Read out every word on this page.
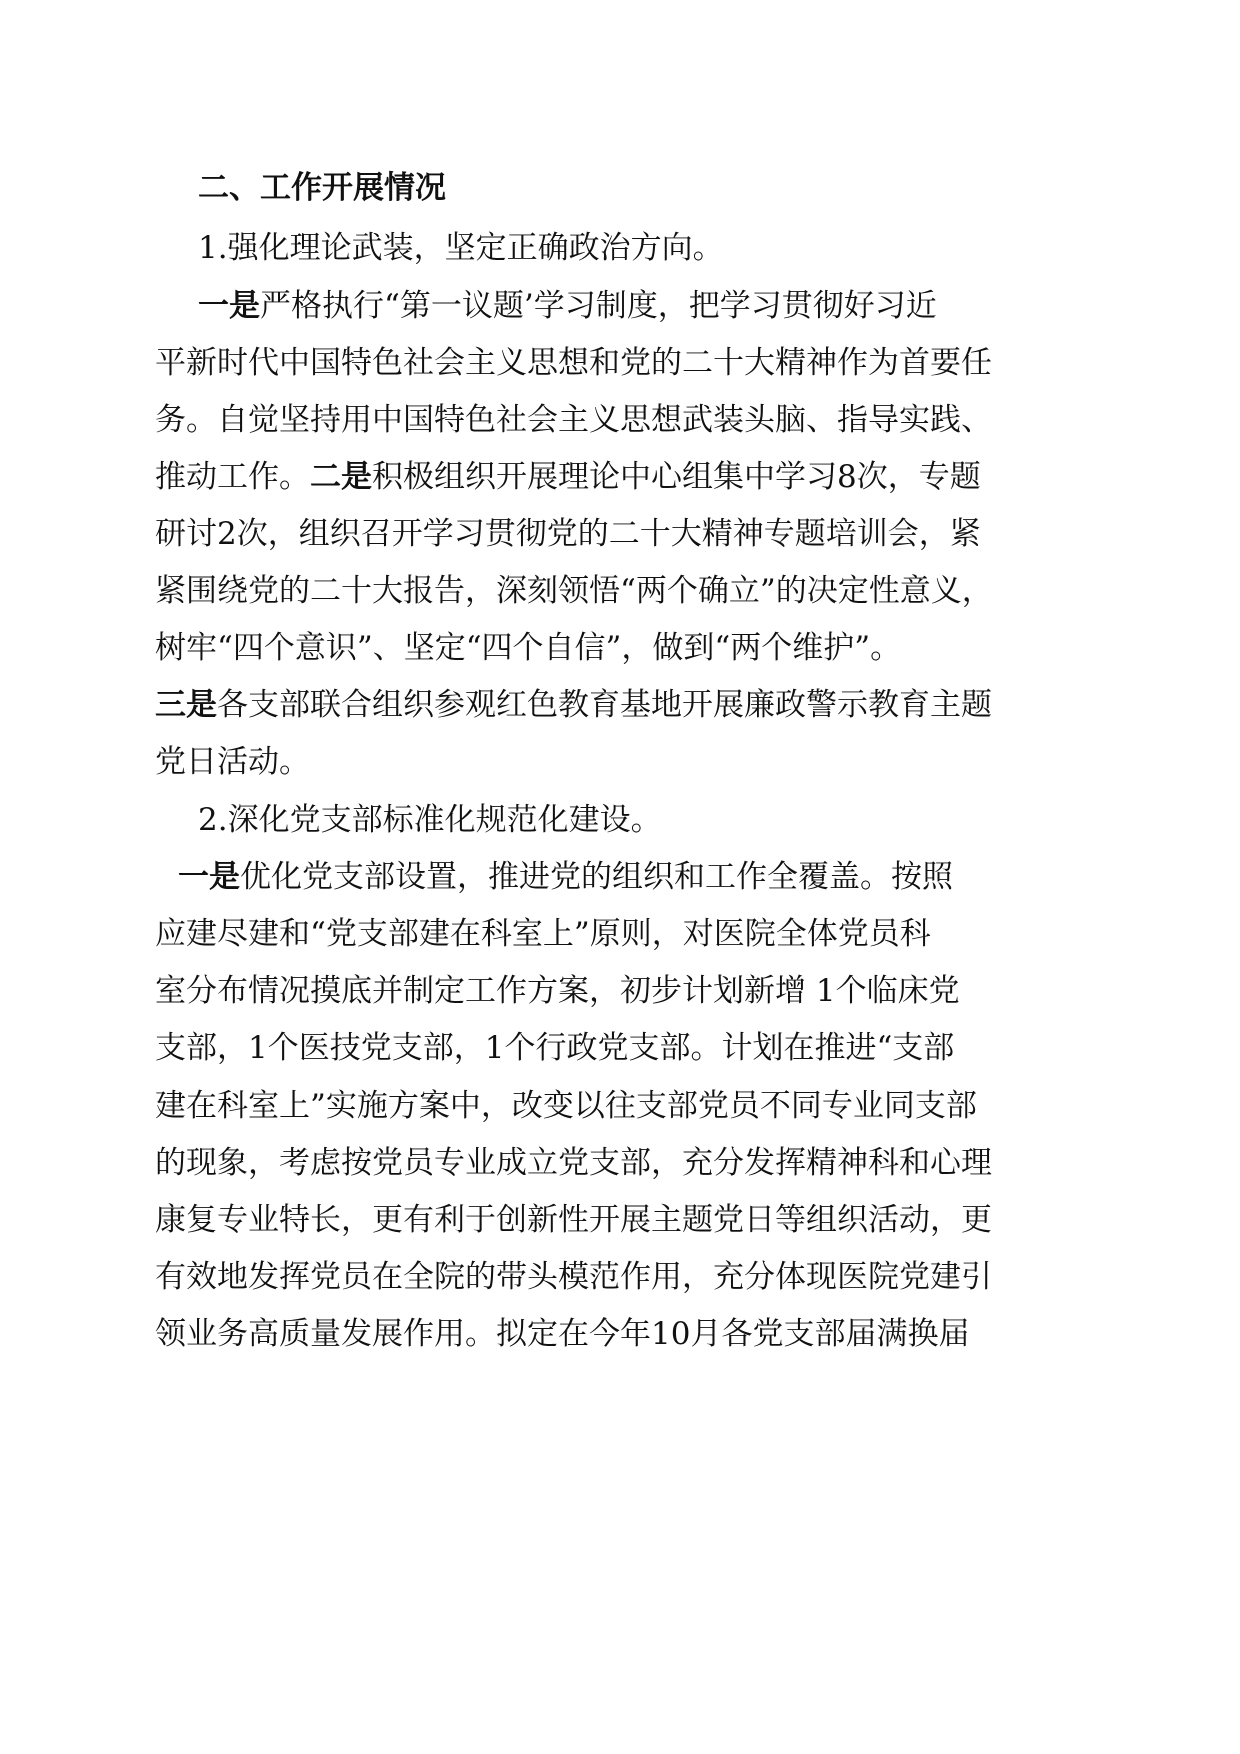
二、工作开展情况
1.强化理论武装，坚定正确政治方向。
一是严格执行“第一议题’学习制度，把学习贯彻好习近
平新时代中国特色社会主义思想和党的二十大精神作为首要任
务。自觉坚持用中国特色社会主义思想武装头脑、指导实践、
推动工作。二是积极组织开展理论中心组集中学习8次，专题
研讨2次，组织召开学习贯彻党的二十大精神专题培训会，紧
紧围绕党的二十大报告，深刻领悟“两个确立”的决定性意义，
树牢“四个意识”、坚定“四个自信”，做到“两个维护”。
三是各支部联合组织参观红色教育基地开展廉政警示教育主题
党日活动。
2.深化党支部标准化规范化建设。
一是优化党支部设置，推进党的组织和工作全覆盖。按照
应建尽建和“党支部建在科室上”原则，对医院全体党员科
室分布情况摸底并制定工作方案，初步计划新增 1个临床党
支部，1个医技党支部，1个行政党支部。计划在推进“支部
建在科室上”实施方案中，改变以往支部党员不同专业同支部
的现象，考虑按党员专业成立党支部，充分发挥精神科和心理
康复专业特长，更有利于创新性开展主题党日等组织活动，更
有效地发挥党员在全院的带头模范作用，充分体现医院党建引
领业务高质量发展作用。拟定在今年10月各党支部届满换届
